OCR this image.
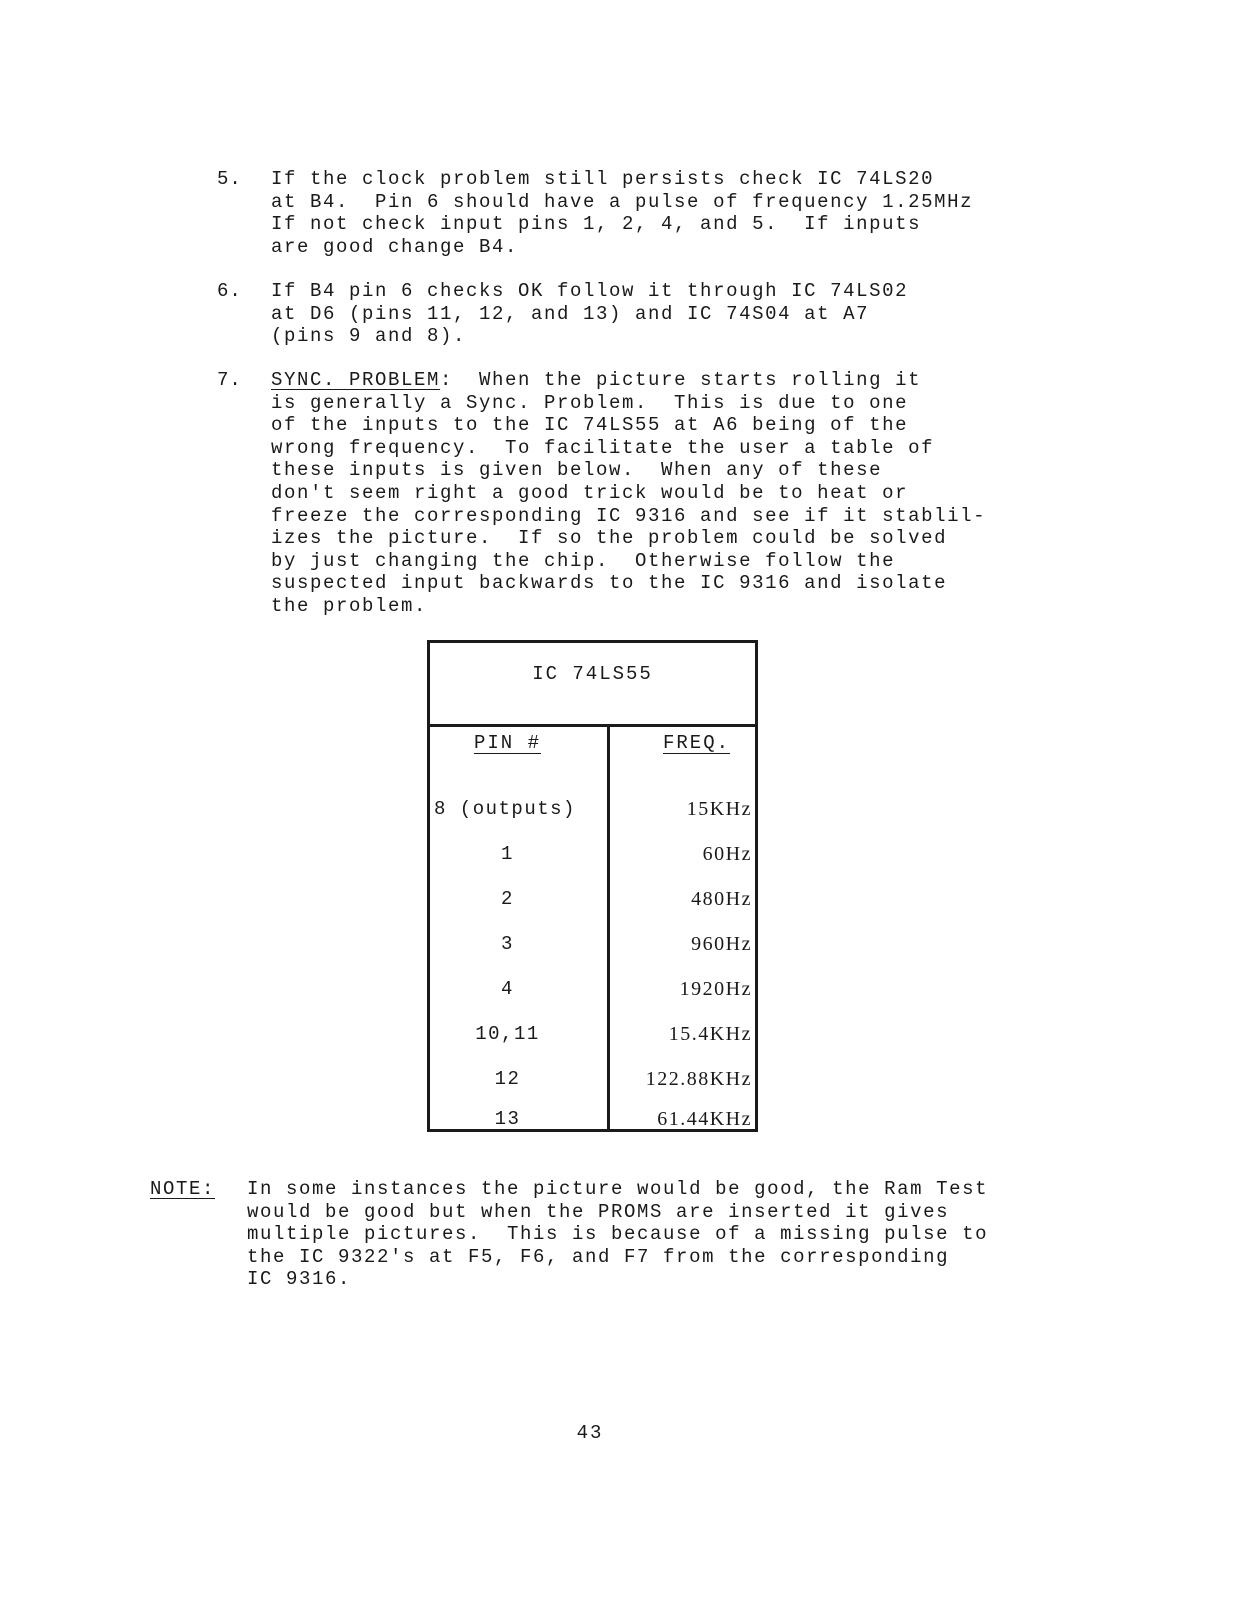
5. If the clock problem still persists check IC 74LS20
at B4.  Pin 6 should have a pulse of frequency 1.25MHz
If not check input pins 1, 2, 4, and 5.  If inputs
are good change B4.
6. If B4 pin 6 checks OK follow it through IC 74LS02
at D6 (pins 11, 12, and 13) and IC 74S04 at A7
(pins 9 and 8).
7. SYNC. PROBLEM:  When the picture starts rolling it
is generally a Sync. Problem.  This is due to one
of the inputs to the IC 74LS55 at A6 being of the
wrong frequency.  To facilitate the user a table of
these inputs is given below.  When any of these
don't seem right a good trick would be to heat or
freeze the corresponding IC 9316 and see if it stablil-
izes the picture.  If so the problem could be solved
by just changing the chip.  Otherwise follow the
suspected input backwards to the IC 9316 and isolate
the problem.
IC 74LS55
PIN #	FREQ.
8 (outputs)	15KHz
1	60Hz
2	480Hz
3	960Hz
4	1920Hz
10,11	15.4KHz
12	122.88KHz
13	61.44KHz
NOTE: In some instances the picture would be good, the Ram Test
would be good but when the PROMS are inserted it gives
multiple pictures.  This is because of a missing pulse to
the IC 9322's at F5, F6, and F7 from the corresponding
IC 9316.
43
